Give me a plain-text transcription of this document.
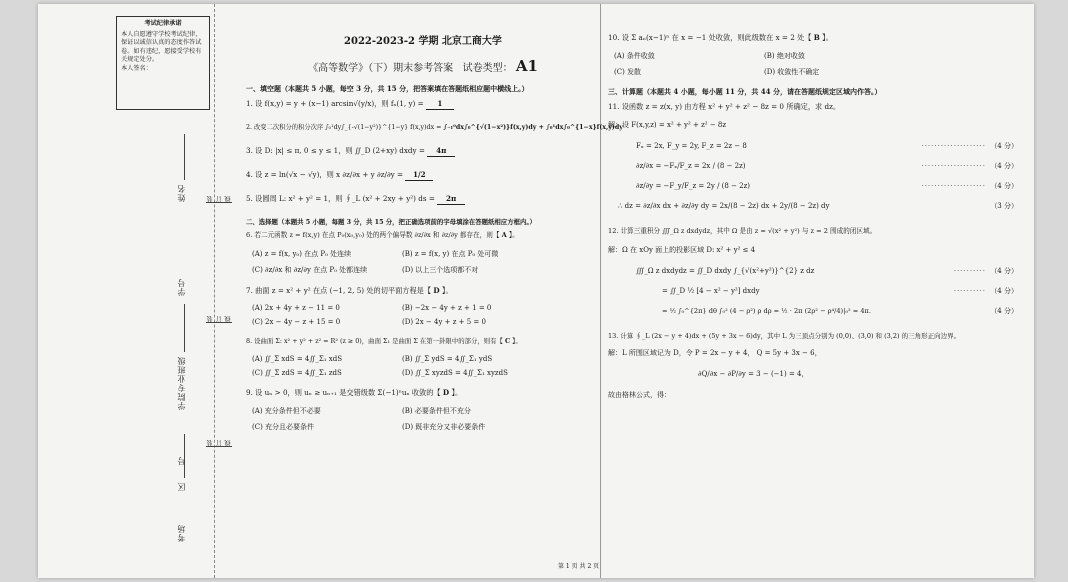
考试纪律承诺
本人自愿遵守学校考试纪律，保证以诚信认真的态度作答试卷。如有违纪，愿接受学校有关规定处分。
本人签名：
姓名
学号
学院专业班级
区
号
考场
装订线
装订线
装订线
2022-2023-2 学期 北京工商大学
《高等数学》（下）期末参考答案 试卷类型： A1
一、填空题（本题共 5 小题，每空 3 分，共 15 分，把答案填在答题纸相应题中横线上。）
1. 设 f(x,y) = y + (x−1) arcsin√(y/x)，则 fₓ(1, y) = 1
2. 改变二次积分的积分次序 ∫₀¹dy∫_{-√(1−y²)}^{1−y} f(x,y)dx = ∫₋₁⁰dx∫₀^{√(1−x²)}f(x,y)dy + ∫₀¹dx∫₀^{1−x}f(x,y)dy
3. 设 D: |x| ≤ π, 0 ≤ y ≤ 1，则 ∬_D (2+xy) dxdy = 4π
4. 设 z = ln(√x − √y)，则 x ∂z/∂x + y ∂z/∂y = 1/2
5. 设圆周 L: x² + y² = 1，则 ∮_L (x² + 2xy + y²) ds = 2π
二、选择题（本题共 5 小题，每题 3 分，共 15 分，把正确选项前的字母填涂在答题纸相应方框内。）
6. 若二元函数 z = f(x,y) 在点 P₀(x₀,y₀) 处的两个偏导数 ∂z/∂x 和 ∂z/∂y 都存在，则【 A 】。
(A) z = f(x, y₀) 在点 P₀ 处连续	(B) z = f(x, y) 在点 P₀ 处可微
(C) ∂z/∂x 和 ∂z/∂y 在点 P₀ 处都连续	(D) 以上三个选项都不对
7. 曲面 z = x² + y² 在点 (−1, 2, 5) 处的切平面方程是【 D 】。
(A) 2x + 4y + z − 11 = 0	(B) −2x − 4y + z + 1 = 0
(C) 2x − 4y − z + 15 = 0	(D) 2x − 4y + z + 5 = 0
8. 设曲面 Σ: x² + y² + z² = R² (z ≥ 0)，曲面 Σ₁ 是曲面 Σ 在第一卦限中的部分，则有【 C 】。
(A) ∬_Σ xdS = 4∬_Σ₁ xdS	(B) ∬_Σ ydS = 4∬_Σ₁ ydS
(C) ∬_Σ zdS = 4∬_Σ₁ zdS	(D) ∬_Σ xyzdS = 4∬_Σ₁ xyzdS
9. 设 uₙ > 0，则 uₙ ≥ uₙ₊₁ 是交错级数 Σ(−1)ⁿuₙ 收敛的【 D 】。
(A) 充分条件但不必要	(B) 必要条件但不充分
(C) 充分且必要条件	(D) 既非充分又非必要条件
10. 设 Σ aₙ(x−1)ⁿ 在 x = −1 处收敛，则此级数在 x = 2 处【 B 】。
(A) 条件收敛	(B) 绝对收敛
(C) 发散	(D) 收敛性不确定
三、计算题（本题共 4 小题，每小题 11 分，共 44 分，请在答题纸规定区域内作答。）
11. 设函数 z = z(x, y) 由方程 x² + y² + z² − 8z = 0 所确定，求 dz。
解：设 F(x,y,z) = x² + y² + z² − 8z
Fₓ = 2x, F_y = 2y, F_z = 2z − 8	···················· （4 分）
∂z/∂x = −Fₓ/F_z = 2x / (8 − 2z)	···················· （4 分）
∂z/∂y = −F_y/F_z = 2y / (8 − 2z)	···················· （4 分）
∴ dz = ∂z/∂x dx + ∂z/∂y dy = 2x/(8 − 2z) dx + 2y/(8 − 2z) dy	（3 分）
12. 计算三重积分 ∭_Ω z dxdydz，其中 Ω 是由 z = √(x² + y²) 与 z = 2 围成的闭区域。
解：Ω 在 xOy 面上的投影区域 D: x² + y² ≤ 4
∭_Ω z dxdydz = ∬_D dxdy ∫_{√(x²+y²)}^{2} z dz	·········· （4 分）
= ∬_D ½ [4 − x² − y²] dxdy	·········· （4 分）
= ½ ∫₀^{2π} dθ ∫₀² (4 − ρ²) ρ dρ = ½ · 2π (2ρ² − ρ⁴/4)|₀² = 4π.	（4 分）
13. 计算 ∮_L (2x − y + 4)dx + (5y + 3x − 6)dy，其中 L 为三顶点分别为 (0,0)、(3,0) 和 (3,2) 的三角形正向边界。
解：L 所围区域记为 D，令 P = 2x − y + 4， Q = 5y + 3x − 6，
∂Q/∂x − ∂P/∂y = 3 − (−1) = 4，
故由格林公式，得：
第 1 页 共 2 页
